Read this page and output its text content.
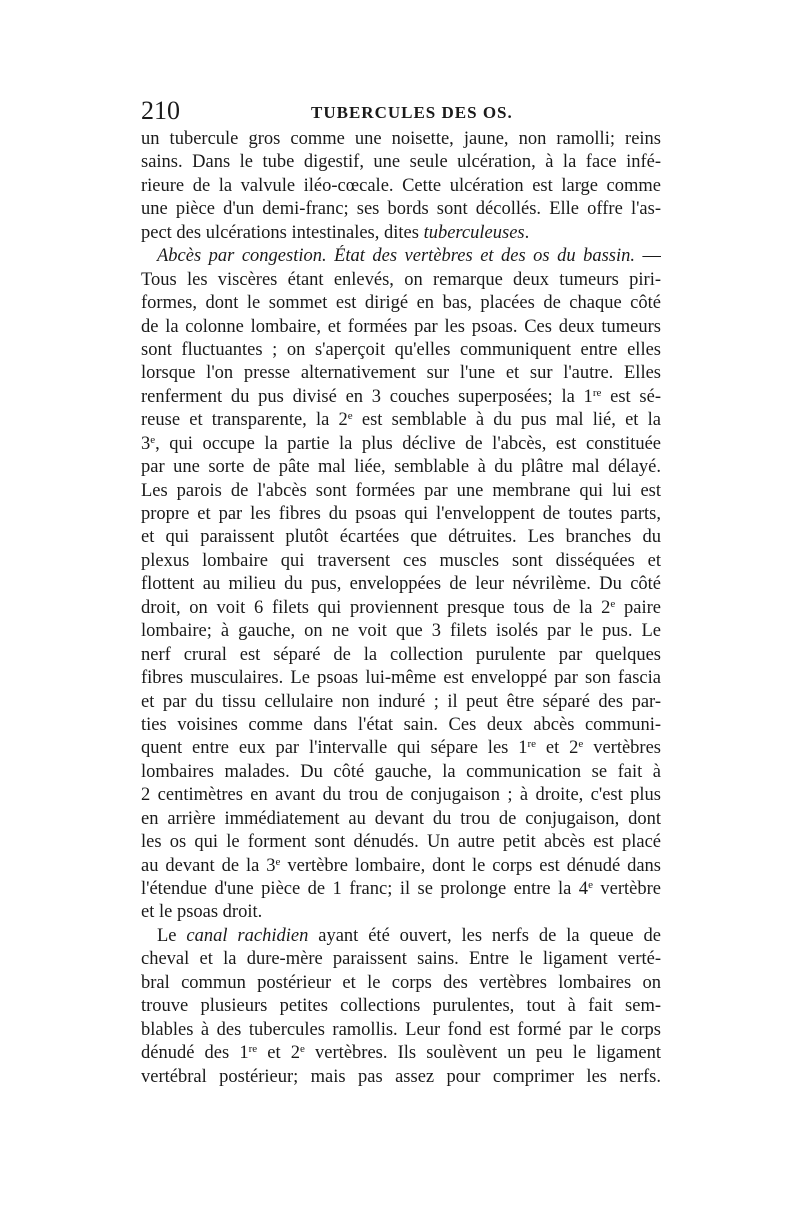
210	TUBERCULES DES OS.
un tubercule gros comme une noisette, jaune, non ramolli; reins
sains. Dans le tube digestif, une seule ulcération, à la face infé-
rieure de la valvule iléo-cœcale. Cette ulcération est large comme
une pièce d'un demi-franc; ses bords sont décollés. Elle offre l'as-
pect des ulcérations intestinales, dites tuberculeuses.
Abcès par congestion. État des vertèbres et des os du bassin. —
Tous les viscères étant enlevés, on remarque deux tumeurs piri-
formes, dont le sommet est dirigé en bas, placées de chaque côté
de la colonne lombaire, et formées par les psoas. Ces deux tumeurs
sont fluctuantes ; on s'aperçoit qu'elles communiquent entre elles
lorsque l'on presse alternativement sur l'une et sur l'autre. Elles
renferment du pus divisé en 3 couches superposées; la 1re est sé-
reuse et transparente, la 2e est semblable à du pus mal lié, et la
3e, qui occupe la partie la plus déclive de l'abcès, est constituée
par une sorte de pâte mal liée, semblable à du plâtre mal délayé.
Les parois de l'abcès sont formées par une membrane qui lui est
propre et par les fibres du psoas qui l'enveloppent de toutes parts,
et qui paraissent plutôt écartées que détruites. Les branches du
plexus lombaire qui traversent ces muscles sont disséquées et
flottent au milieu du pus, enveloppées de leur névrilème. Du côté
droit, on voit 6 filets qui proviennent presque tous de la 2e paire
lombaire; à gauche, on ne voit que 3 filets isolés par le pus. Le
nerf crural est séparé de la collection purulente par quelques
fibres musculaires. Le psoas lui-même est enveloppé par son fascia
et par du tissu cellulaire non induré ; il peut être séparé des par-
ties voisines comme dans l'état sain. Ces deux abcès communi-
quent entre eux par l'intervalle qui sépare les 1re et 2e vertèbres
lombaires malades. Du côté gauche, la communication se fait à
2 centimètres en avant du trou de conjugaison ; à droite, c'est plus
en arrière immédiatement au devant du trou de conjugaison, dont
les os qui le forment sont dénudés. Un autre petit abcès est placé
au devant de la 3e vertèbre lombaire, dont le corps est dénudé dans
l'étendue d'une pièce de 1 franc; il se prolonge entre la 4e vertèbre
et le psoas droit.
Le canal rachidien ayant été ouvert, les nerfs de la queue de
cheval et la dure-mère paraissent sains. Entre le ligament verté-
bral commun postérieur et le corps des vertèbres lombaires on
trouve plusieurs petites collections purulentes, tout à fait sem-
blables à des tubercules ramollis. Leur fond est formé par le corps
dénudé des 1re et 2e vertèbres. Ils soulèvent un peu le ligament
vertébral postérieur; mais pas assez pour comprimer les nerfs.
